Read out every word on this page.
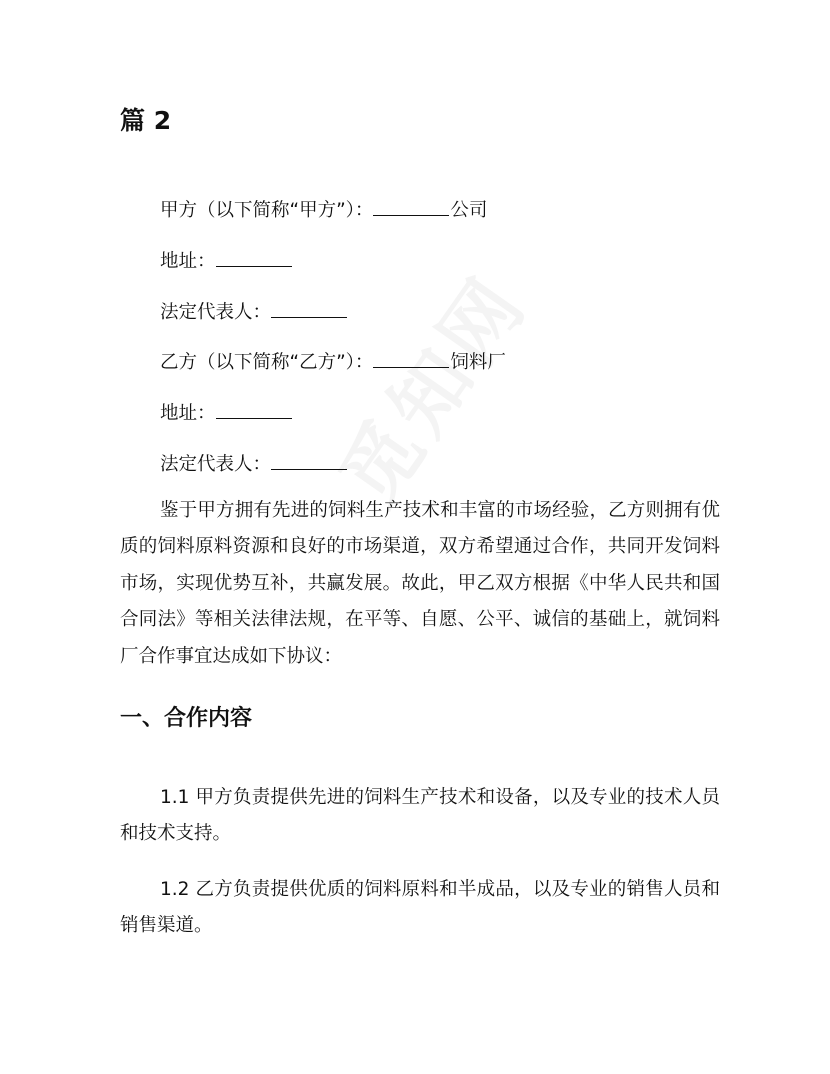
篇 2
甲方（以下简称“甲方”）：	公司
地址：
法定代表人：
乙方（以下简称“乙方”）：	饲料厂
地址：
法定代表人：

鉴于甲方拥有先进的饲料生产技术和丰富的市场经验，乙方则拥有优质的饲料原料资源和良好的市场渠道，双方希望通过合作，共同开发饲料市场，实现优势互补，共赢发展。故此，甲乙双方根据《中华人民共和国合同法》等相关法律法规，在平等、自愿、公平、诚信的基础上，就饲料厂合作事宜达成如下协议：

一、合作内容

1.1 甲方负责提供先进的饲料生产技术和设备，以及专业的技术人员和技术支持。

1.2 乙方负责提供优质的饲料原料和半成品，以及专业的销售人员和销售渠道。
